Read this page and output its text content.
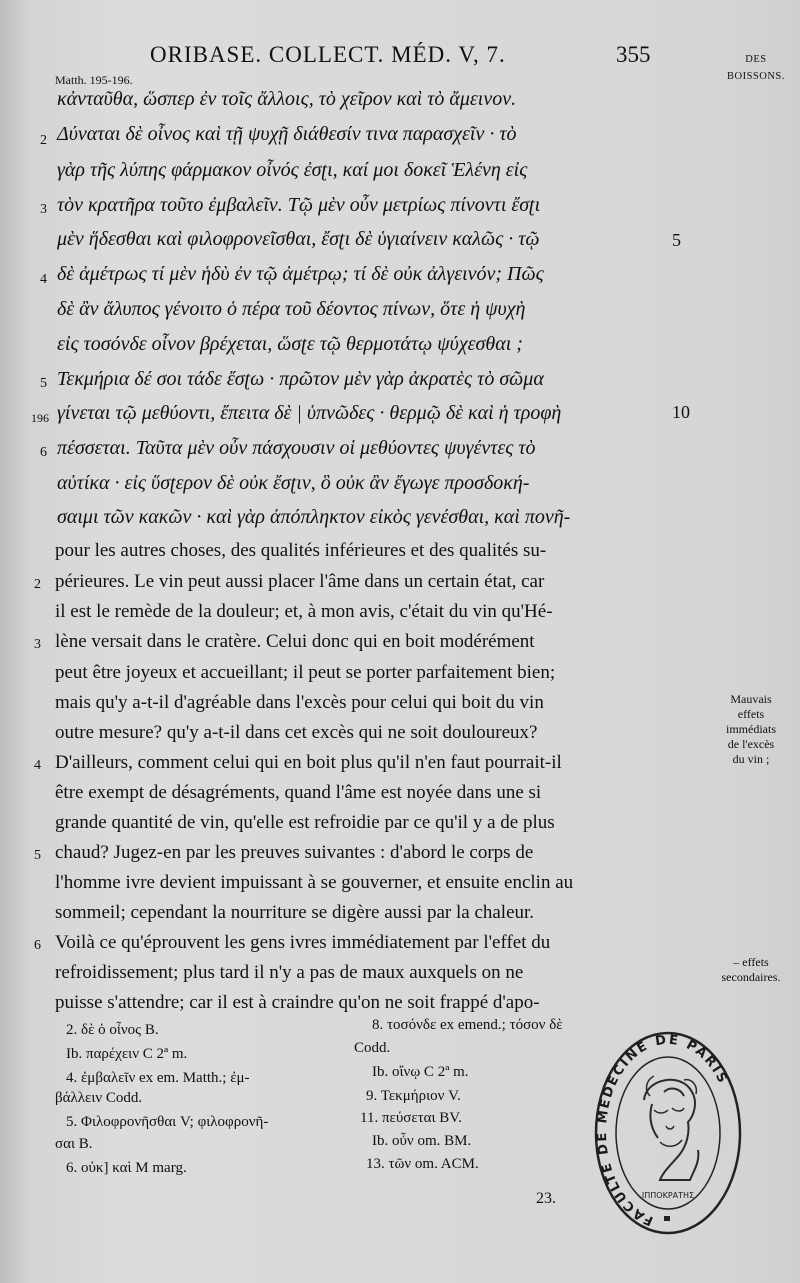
ORIBASE. COLLECT. MÉD. V, 7.	355	DES
BOISSONS.
Matth. 195-196.
κἀνταῦθα, ὥσπερ ἐν τοῖς ἄλλοις, τὸ χεῖρον καὶ τὸ ἄμεινον.
Δύναται δὲ οἶνος καὶ τῇ ψυχῇ διάθεσίν τινα παρασχεῖν · τὸ
γὰρ τῆς λύπης φάρμακον οἶνός ἐσʈι, καί μοι δοκεῖ Ἑλένη εἰς
τὸν κρατῆρα τοῦτο ἐμβαλεῖν. Τῷ μὲν οὖν μετρίως πίνοντι ἔσʈι
μὲν ἥδεσθαι καὶ φιλοφρονεῖσθαι, ἔσʈι δὲ ὑγιαίνειν καλῶς · τῷ
δὲ ἀμέτρως τί μὲν ἡδὺ ἐν τῷ ἀμέτρῳ; τί δὲ οὐκ ἀλγεινόν; Πῶς
δὲ ἂν ἄλυπος γένοιτο ὁ πέρα τοῦ δέοντος πίνων, ὅτε ἡ ψυχὴ
εἰς τοσόνδε οἶνον βρέχεται, ὥσʈε τῷ θερμοτάτῳ ψύχεσθαι ;
Τεκμήρια δέ σοι τάδε ἔσʈω · πρῶτον μὲν γὰρ ἀκρατὲς τὸ σῶμα
γίνεται τῷ μεθύοντι, ἔπειτα δὲ | ὑπνῶδες · θερμῷ δὲ καὶ ἡ τροφὴ
πέσσεται. Ταῦτα μὲν οὖν πάσχουσιν οἱ μεθύοντες ψυγέντες τὸ
αὐτίκα · εἰς ὕσʈερον δὲ οὐκ ἔσʈιν, ὃ οὐκ ἂν ἔγωγε προσδοκή-
σαιμι τῶν κακῶν · καὶ γὰρ ἀπόπληκτον εἰκὸς γενέσθαι, καὶ πονῆ-
2
3
4
5
196
6
5
10
pour les autres choses, des qualités inférieures et des qualités su-
périeures. Le vin peut aussi placer l'âme dans un certain état, car
il est le remède de la douleur; et, à mon avis, c'était du vin qu'Hé-
lène versait dans le cratère. Celui donc qui en boit modérément
peut être joyeux et accueillant; il peut se porter parfaitement bien;
mais qu'y a-t-il d'agréable dans l'excès pour celui qui boit du vin
outre mesure? qu'y a-t-il dans cet excès qui ne soit douloureux?
D'ailleurs, comment celui qui en boit plus qu'il n'en faut pourrait-il
être exempt de désagréments, quand l'âme est noyée dans une si
grande quantité de vin, qu'elle est refroidie par ce qu'il y a de plus
chaud? Jugez-en par les preuves suivantes : d'abord le corps de
l'homme ivre devient impuissant à se gouverner, et ensuite enclin au
sommeil; cependant la nourriture se digère aussi par la chaleur.
Voilà ce qu'éprouvent les gens ivres immédiatement par l'effet du
refroidissement; plus tard il n'y a pas de maux auxquels on ne
puisse s'attendre; car il est à craindre qu'on ne soit frappé d'apo-
2
3
4
5
6
Mauvais
effets
immédiats
de l'excès
du vin ;
– effets
secondaires.
2. δὲ ὁ οἶνος B.
Ib. παρέχειν C 2ª m.
4. ἐμβαλεῖν ex em. Matth.; ἐμ-
βάλλειν Codd.
5. Φιλοφρονῆσθαι V; φιλοφρονῆ-
σαι B.
6. οὐκ] καὶ M marg.
8. τοσόνδε ex emend.; τόσον δὲ
Codd.
Ib. οἴνῳ C 2ª m.
9. Τεκμήριον V.
11. πεύσεται BV.
Ib. οὖν om. BM.
13. τῶν om. ACM.
23.
FACULTE DE MEDECINE DE PARIS
ΙΠΠΟΚΡΑΤΗΣ
